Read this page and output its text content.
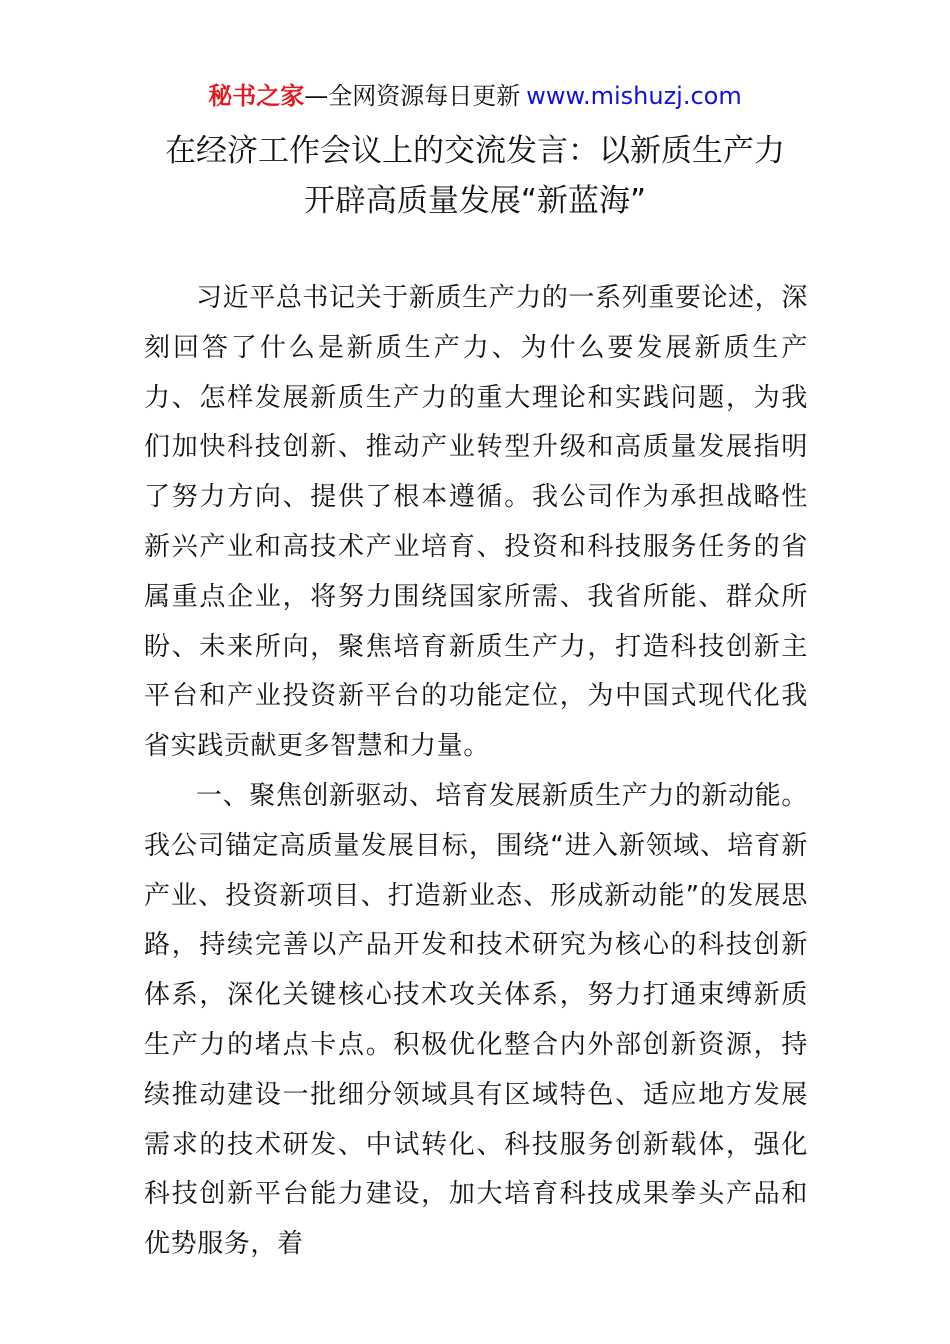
秘书之家—全网资源每日更新 www.mishuzj.com
在经济工作会议上的交流发言：以新质生产力
开辟高质量发展“新蓝海”

习近平总书记关于新质生产力的一系列重要论述，深刻回答了什么是新质生产力、为什么要发展新质生产力、怎样发展新质生产力的重大理论和实践问题，为我们加快科技创新、推动产业转型升级和高质量发展指明了努力方向、提供了根本遵循。我公司作为承担战略性新兴产业和高技术产业培育、投资和科技服务任务的省属重点企业，将努力围绕国家所需、我省所能、群众所盼、未来所向，聚焦培育新质生产力，打造科技创新主平台和产业投资新平台的功能定位，为中国式现代化我省实践贡献更多智慧和力量。

一、聚焦创新驱动、培育发展新质生产力的新动能。我公司锚定高质量发展目标，围绕“进入新领域、培育新产业、投资新项目、打造新业态、形成新动能”的发展思路，持续完善以产品开发和技术研究为核心的科技创新体系，深化关键核心技术攻关体系，努力打通束缚新质生产力的堵点卡点。积极优化整合内外部创新资源，持续推动建设一批细分领域具有区域特色、适应地方发展需求的技术研发、中试转化、科技服务创新载体，强化科技创新平台能力建设，加大培育科技成果拳头产品和优势服务，着
